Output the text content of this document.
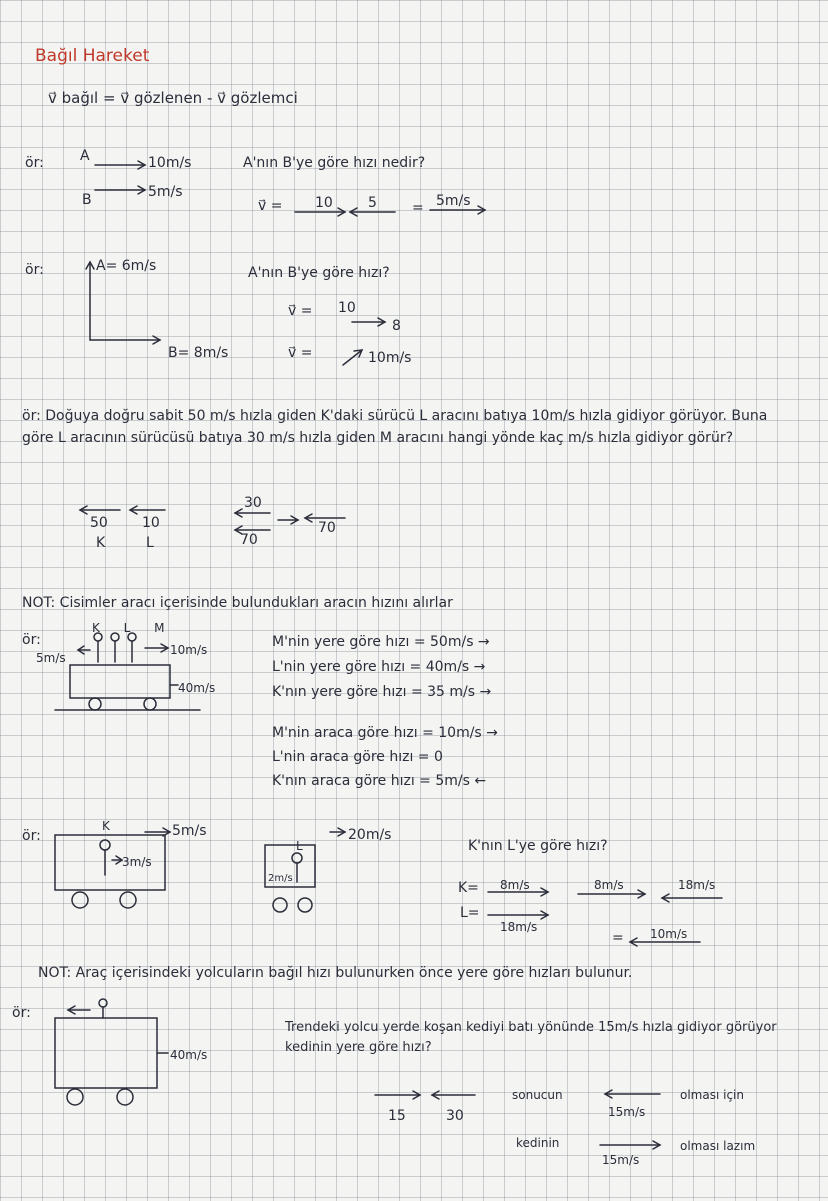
Bağıl Hareket
v⃗ bağıl = v⃗ gözlenen - v⃗ gözlemci
ör:	A
B
10m/s
5m/s
A'nın B'ye göre hızı nedir?
v⃗ = 10	5	= 5m/s
ör:	A= 6m/s
B= 8m/s
A'nın B'ye göre hızı?
v⃗ = 10
8
v⃗ =	10m/s
ör: Doğuya doğru sabit 50 m/s hızla giden K'daki sürücü L aracını batıya 10m/s hızla gidiyor görüyor. Buna göre L aracının sürücüsü batıya 30 m/s hızla giden M aracını hangi yönde kaç m/s hızla gidiyor görür?
50
K
10
L
30
70
70
NOT: Cisimler aracı içerisinde bulundukları aracın hızını alırlar
ör:
K L M
5m/s
10m/s
40m/s
M'nin yere göre hızı = 50m/s →
L'nin yere göre hızı = 40m/s →
K'nın yere göre hızı = 35 m/s →
M'nin araca göre hızı = 10m/s →
L'nin araca göre hızı = 0
K'nın araca göre hızı = 5m/s ←
ör:	5m/s
K
3m/s
20m/s
L
2m/s
K'nın L'ye göre hızı?
K= 8m/s
L=
18m/s
8m/s	18m/s
= 10m/s
NOT: Araç içerisindeki yolcuların bağıl hızı bulunurken önce yere göre hızları bulunur.
ör:
40m/s
Trendeki yolcu yerde koşan kediyi batı yönünde 15m/s hızla gidiyor görüyor kedinin yere göre hızı?
15	30
sonucun
15m/s
olması için
kedinin
15m/s
olması lazım
